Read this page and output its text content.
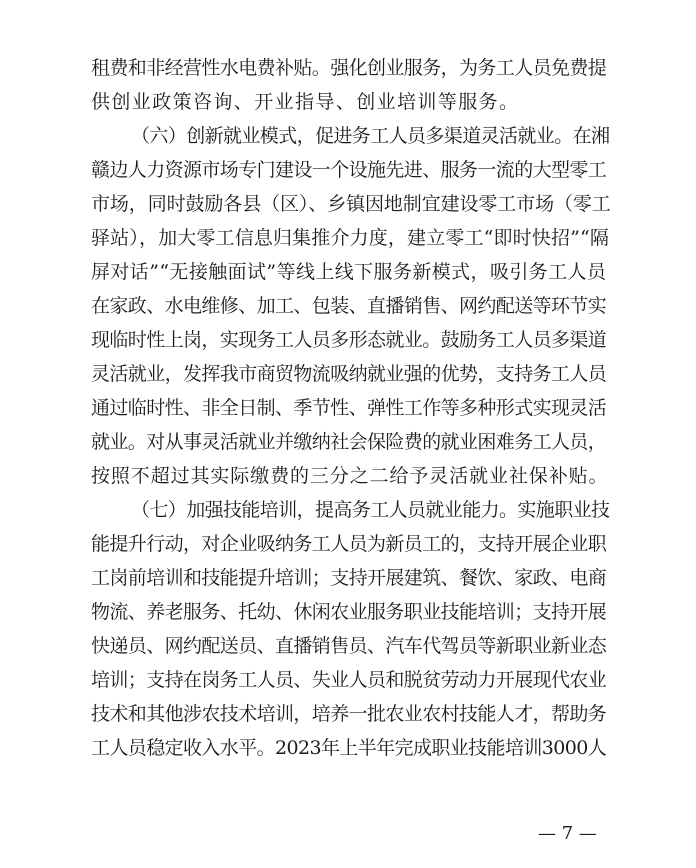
租费和非经营性水电费补贴。强化创业服务，为务工人员免费提
供创业政策咨询、开业指导、创业培训等服务。
（六）创新就业模式，促进务工人员多渠道灵活就业。在湘
赣边人力资源市场专门建设一个设施先进、服务一流的大型零工
市场，同时鼓励各县（区）、乡镇因地制宜建设零工市场（零工
驿站），加大零工信息归集推介力度，建立零工“即时快招”“隔
屏对话”“无接触面试”等线上线下服务新模式，吸引务工人员
在家政、水电维修、加工、包装、直播销售、网约配送等环节实
现临时性上岗，实现务工人员多形态就业。鼓励务工人员多渠道
灵活就业，发挥我市商贸物流吸纳就业强的优势，支持务工人员
通过临时性、非全日制、季节性、弹性工作等多种形式实现灵活
就业。对从事灵活就业并缴纳社会保险费的就业困难务工人员，
按照不超过其实际缴费的三分之二给予灵活就业社保补贴。
（七）加强技能培训，提高务工人员就业能力。实施职业技
能提升行动，对企业吸纳务工人员为新员工的，支持开展企业职
工岗前培训和技能提升培训；支持开展建筑、餐饮、家政、电商
物流、养老服务、托幼、休闲农业服务职业技能培训；支持开展
快递员、网约配送员、直播销售员、汽车代驾员等新职业新业态
培训；支持在岗务工人员、失业人员和脱贫劳动力开展现代农业
技术和其他涉农技术培训，培养一批农业农村技能人才，帮助务
工人员稳定收入水平。2023年上半年完成职业技能培训3000人
— 7 —
